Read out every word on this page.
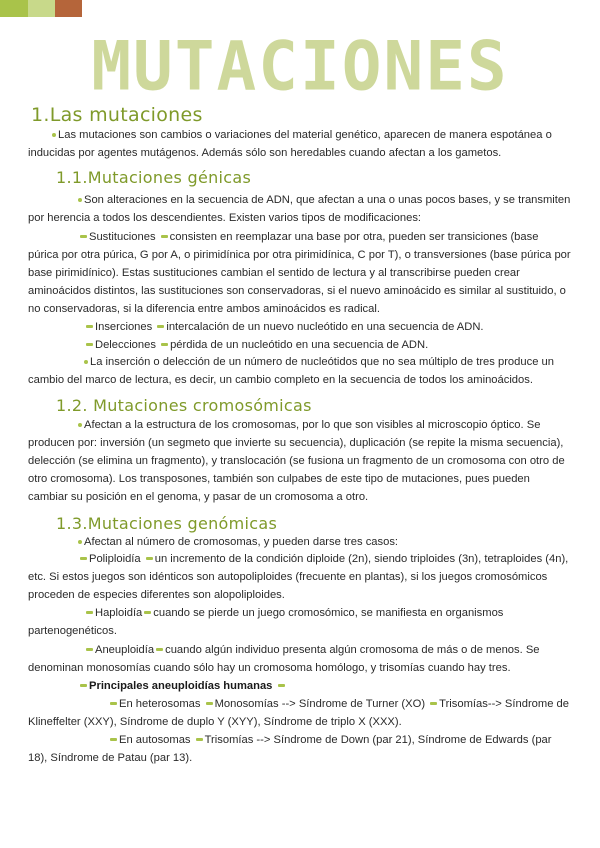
MUTACIONES
1.Las mutaciones

Las mutaciones son cambios o variaciones del material genético, aparecen de manera espotánea o inducidas por agentes mutágenos. Además sólo son heredables cuando afectan a los gametos.

1.1.Mutaciones génicas

Son alteraciones en la secuencia de ADN, que afectan a una o unas pocos bases, y se transmiten por herencia a todos los descendientes. Existen varios tipos de modificaciones:

Sustituciones consisten en reemplazar una base por otra, pueden ser transiciones (base púrica por otra púrica, G por A, o pirimidínica por otra pirimidínica, C por T), o transversiones (base púrica por base pirimidínico). Estas sustituciones cambian el sentido de lectura y al transcribirse pueden crear aminoácidos distintos, las sustituciones son conservadoras, si el nuevo aminoácido es similar al sustituido, o no conservadoras, si la diferencia entre ambos aminoácidos es radical.

Inserciones intercalación de un nuevo nucleótido en una secuencia de ADN.

Delecciones pérdida de un nucleótido en una secuencia de ADN.

La inserción o delección de un número de nucleótidos que no sea múltiplo de tres produce un cambio del marco de lectura, es decir, un cambio completo en la secuencia de todos los aminoácidos.

1.2. Mutaciones cromosómicas

Afectan a la estructura de los cromosomas, por lo que son visibles al microscopio óptico. Se producen por: inversión (un segmeto que invierte su secuencia), duplicación (se repite la misma secuencia), delección (se elimina un fragmento), y translocación (se fusiona un fragmento de un cromosoma con otro de otro cromosoma). Los transposones, también son culpabes de este tipo de mutaciones, pues pueden cambiar su posición en el genoma, y pasar de un cromosoma a otro.

1.3.Mutaciones genómicas

Afectan al número de cromosomas, y pueden darse tres casos:

Poliploidía un incremento de la condición diploide (2n), siendo triploides (3n), tetraploides (4n), etc. Si estos juegos son idénticos son autopoliploides (frecuente en plantas), si los juegos cromosómicos proceden de especies diferentes son alopoliploides.

Haploidía cuando se pierde un juego cromosómico, se manifiesta en organismos partenogenéticos.

Aneuploidía cuando algún individuo presenta algún cromosoma de más o de menos. Se denominan monosomías cuando sólo hay un cromosoma homólogo, y trisomías cuando hay tres.

Principales aneuploidías humanas

En heterosomas Monosomías --> Síndrome de Turner (XO) Trisomías--> Síndrome de Klineffelter (XXY), Síndrome de duplo Y (XYY), Síndrome de triplo X (XXX).

En autosomas Trisomías --> Síndrome de Down (par 21), Síndrome de Edwards (par 18), Síndrome de Patau (par 13).
